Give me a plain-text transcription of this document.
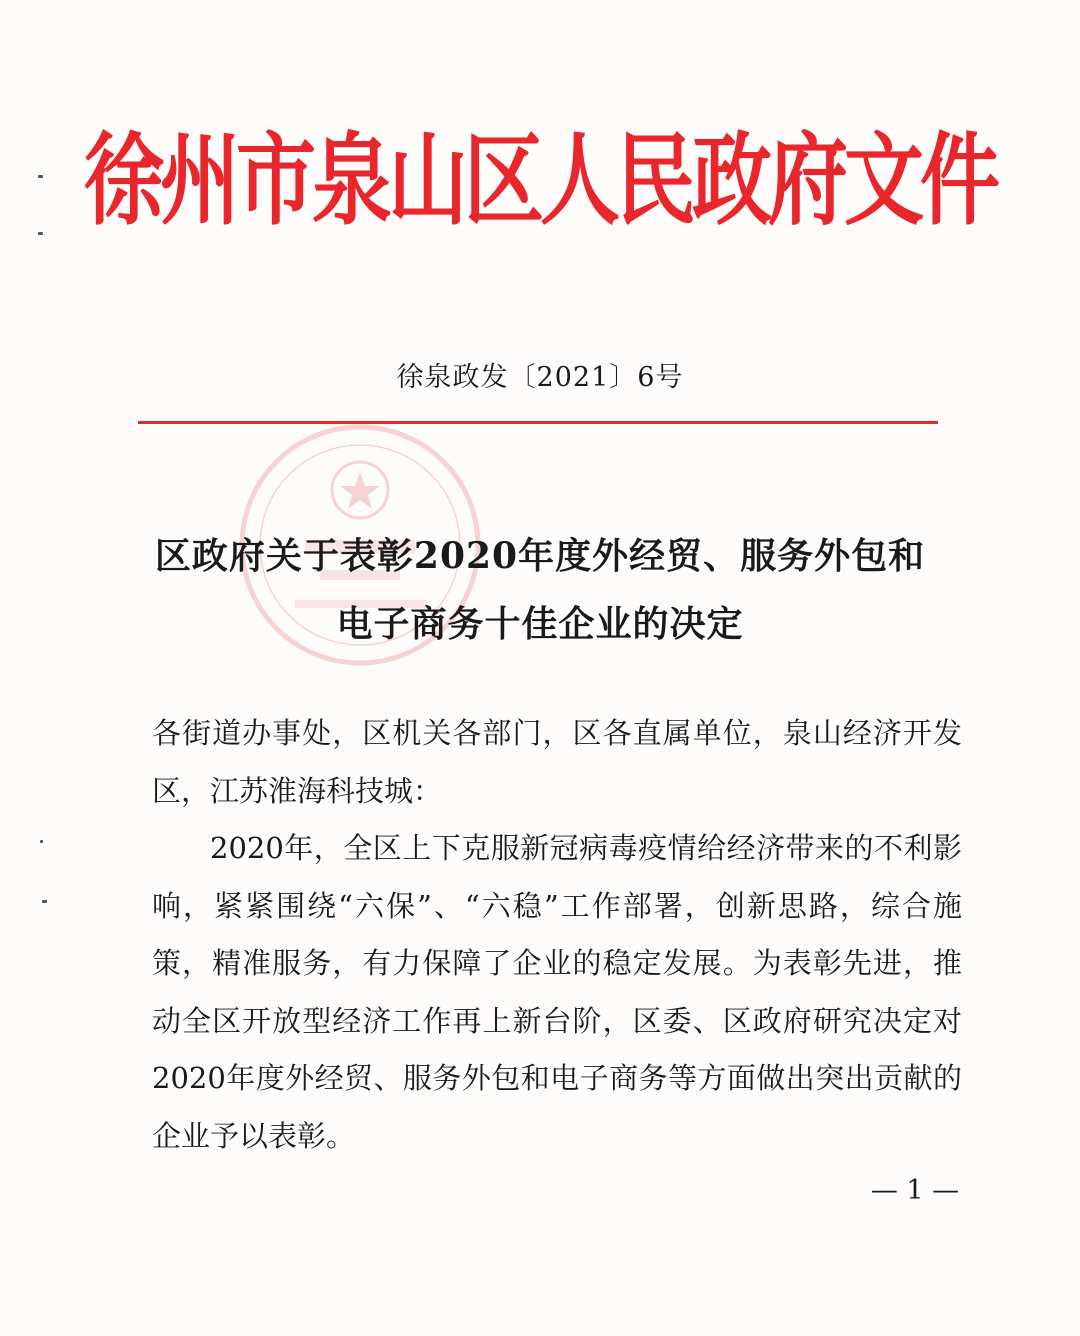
徐州市泉山区人民政府文件
徐泉政发〔2021〕6号
区政府关于表彰2020年度外经贸、服务外包和
电子商务十佳企业的决定

各街道办事处，区机关各部门，区各直属单位，泉山经济开发区，江苏淮海科技城：

2020年，全区上下克服新冠病毒疫情给经济带来的不利影响，紧紧围绕“六保”、“六稳”工作部署，创新思路，综合施策，精准服务，有力保障了企业的稳定发展。为表彰先进，推动全区开放型经济工作再上新台阶，区委、区政府研究决定对2020年度外经贸、服务外包和电子商务等方面做出突出贡献的企业予以表彰。

— 1 —
